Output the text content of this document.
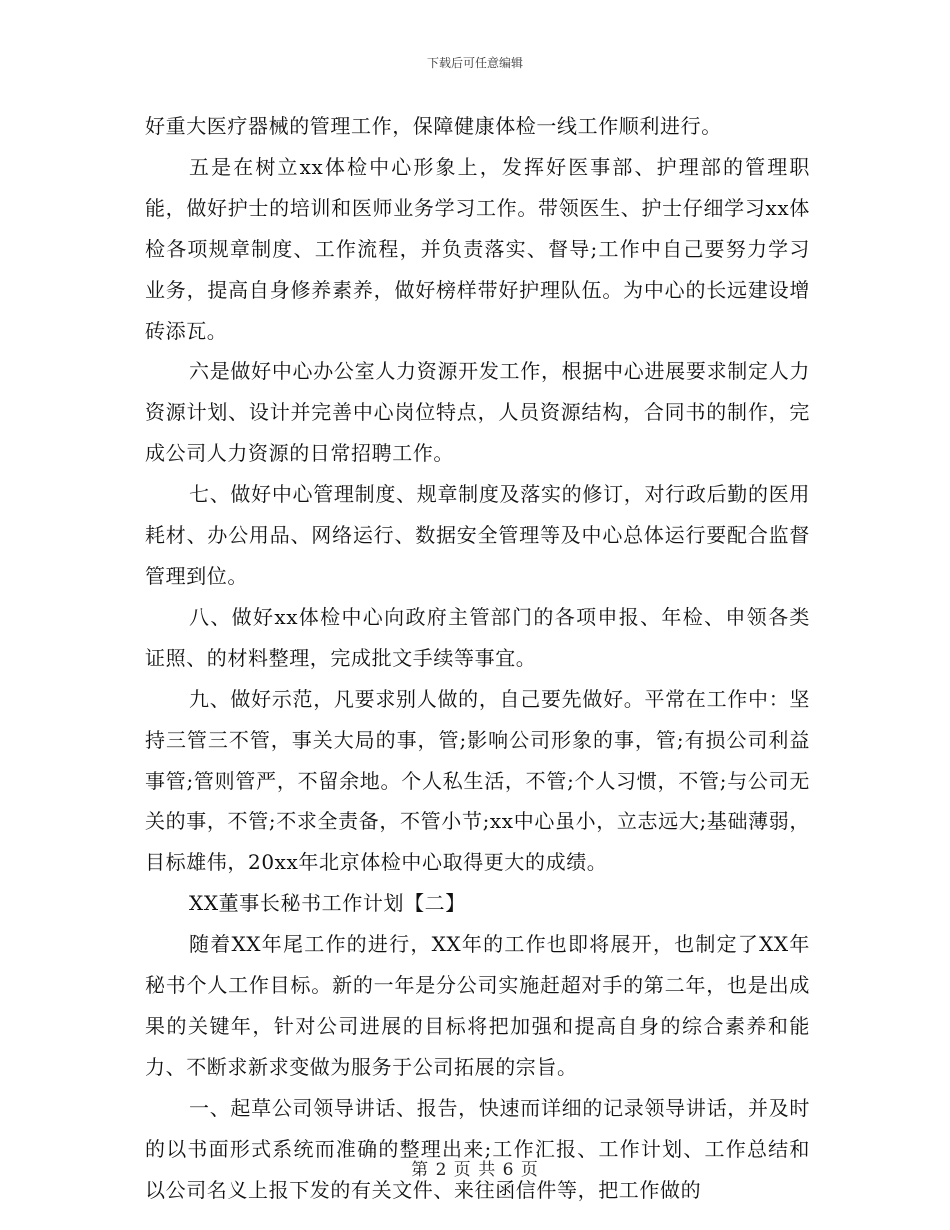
下载后可任意编辑

好重大医疗器械的管理工作，保障健康体检一线工作顺利进行。

五是在树立xx体检中心形象上，发挥好医事部、护理部的管理职能，做好护士的培训和医师业务学习工作。带领医生、护士仔细学习xx体检各项规章制度、工作流程，并负责落实、督导;工作中自己要努力学习业务，提高自身修养素养，做好榜样带好护理队伍。为中心的长远建设增砖添瓦。

六是做好中心办公室人力资源开发工作，根据中心进展要求制定人力资源计划、设计并完善中心岗位特点，人员资源结构，合同书的制作，完成公司人力资源的日常招聘工作。

七、做好中心管理制度、规章制度及落实的修订，对行政后勤的医用耗材、办公用品、网络运行、数据安全管理等及中心总体运行要配合监督管理到位。

八、做好xx体检中心向政府主管部门的各项申报、年检、申领各类证照、的材料整理，完成批文手续等事宜。

九、做好示范，凡要求别人做的，自己要先做好。平常在工作中：坚持三管三不管，事关大局的事，管;影响公司形象的事，管;有损公司利益事管;管则管严，不留余地。个人私生活，不管;个人习惯，不管;与公司无关的事，不管;不求全责备，不管小节;xx中心虽小，立志远大;基础薄弱，目标雄伟，20xx年北京体检中心取得更大的成绩。

XX董事长秘书工作计划【二】

随着XX年尾工作的进行，XX年的工作也即将展开，也制定了XX年秘书个人工作目标。新的一年是分公司实施赶超对手的第二年，也是出成果的关键年，针对公司进展的目标将把加强和提高自身的综合素养和能力、不断求新求变做为服务于公司拓展的宗旨。

一、起草公司领导讲话、报告，快速而详细的记录领导讲话，并及时的以书面形式系统而准确的整理出来;工作汇报、工作计划、工作总结和以公司名义上报下发的有关文件、来往函信件等，把工作做的

第 2 页 共 6 页
